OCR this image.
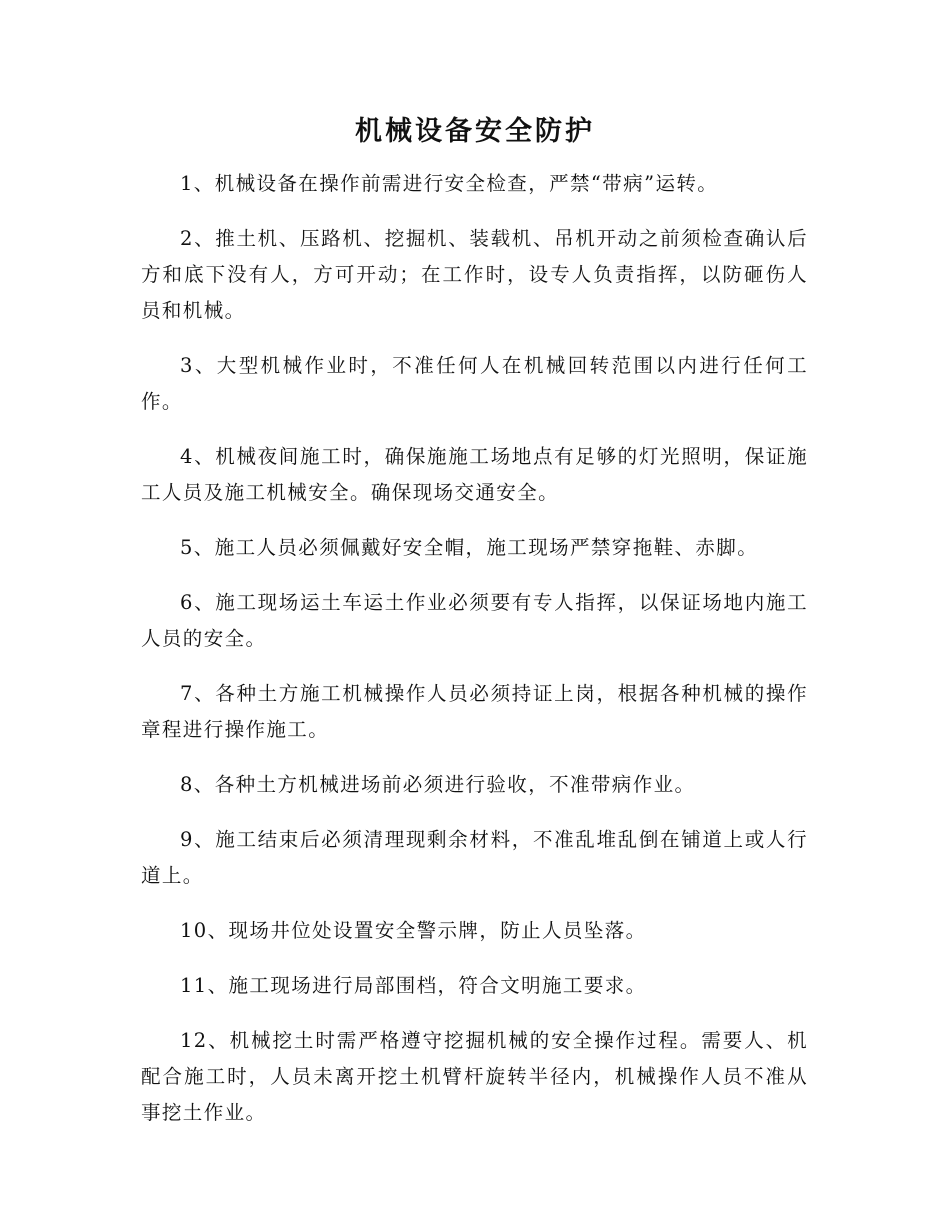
机械设备安全防护

1、机械设备在操作前需进行安全检查，严禁“带病”运转。

2、推土机、压路机、挖掘机、装载机、吊机开动之前须检查确认后方和底下没有人，方可开动；在工作时，设专人负责指挥，以防砸伤人员和机械。

3、大型机械作业时，不准任何人在机械回转范围以内进行任何工作。

4、机械夜间施工时，确保施施工场地点有足够的灯光照明，保证施工人员及施工机械安全。确保现场交通安全。

5、施工人员必须佩戴好安全帽，施工现场严禁穿拖鞋、赤脚。

6、施工现场运土车运土作业必须要有专人指挥，以保证场地内施工人员的安全。

7、各种土方施工机械操作人员必须持证上岗，根据各种机械的操作章程进行操作施工。

8、各种土方机械进场前必须进行验收，不准带病作业。

9、施工结束后必须清理现剩余材料，不准乱堆乱倒在铺道上或人行道上。

10、现场井位处设置安全警示牌，防止人员坠落。

11、施工现场进行局部围档，符合文明施工要求。

12、机械挖土时需严格遵守挖掘机械的安全操作过程。需要人、机配合施工时，人员未离开挖土机臂杆旋转半径内，机械操作人员不准从事挖土作业。
